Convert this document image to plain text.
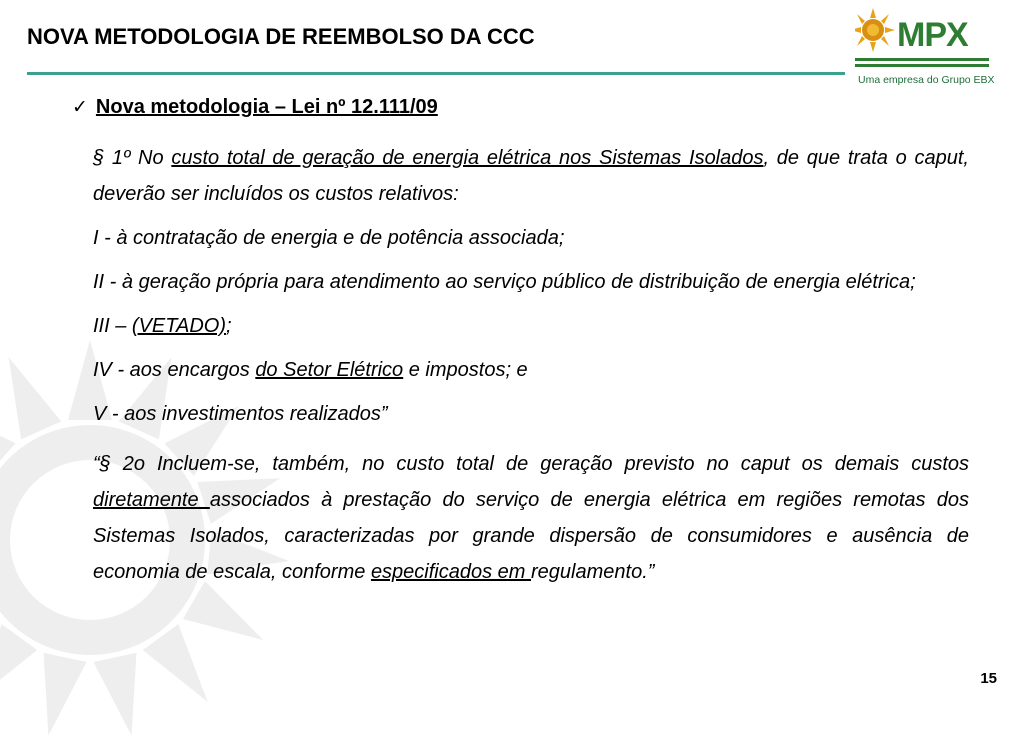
NOVA METODOLOGIA DE REEMBOLSO DA CCC	MPX
Uma empresa do Grupo EBX
✓ Nova metodologia – Lei nº 12.111/09

§ 1º No custo total de geração de energia elétrica nos Sistemas Isolados, de que trata o caput, deverão ser incluídos os custos relativos:

I - à contratação de energia e de potência associada;

II - à geração própria para atendimento ao serviço público de distribuição de energia elétrica;

III – (VETADO);

IV - aos encargos do Setor Elétrico e impostos; e

V - aos investimentos realizados”

“§ 2o Incluem-se, também, no custo total de geração previsto no caput os demais custos diretamente associados à prestação do serviço de energia elétrica em regiões remotas dos Sistemas Isolados, caracterizadas por grande dispersão de consumidores e ausência de economia de escala, conforme especificados em regulamento.”

15
